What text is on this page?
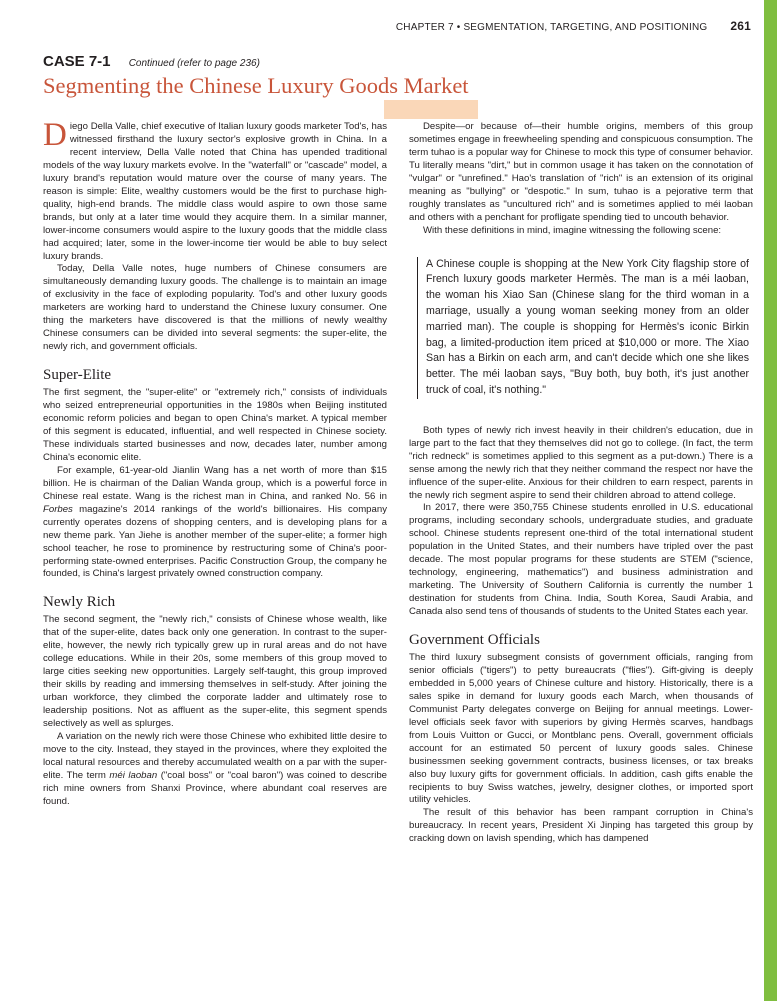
CHAPTER 7 • SEGMENTATION, TARGETING, AND POSITIONING 261
CASE 7-1 Continued (refer to page 236)
Segmenting the Chinese Luxury Goods Market

Diego Della Valle, chief executive of Italian luxury goods marketer Tod's, has witnessed firsthand the luxury sector's explosive growth in China. In a recent interview, Della Valle noted that China has upended traditional models of the way luxury markets evolve. In the "waterfall" or "cascade" model, a luxury brand's reputation would mature over the course of many years. The reason is simple: Elite, wealthy customers would be the first to purchase high-quality, high-end brands. The middle class would aspire to own those same brands, but only at a later time would they acquire them. In a similar manner, lower-income consumers would aspire to the luxury goods that the middle class had acquired; later, some in the lower-income tier would be able to buy select luxury brands.

Today, Della Valle notes, huge numbers of Chinese consumers are simultaneously demanding luxury goods. The challenge is to maintain an image of exclusivity in the face of exploding popularity. Tod's and other luxury goods marketers are working hard to understand the Chinese luxury consumer. One thing the marketers have discovered is that the millions of newly wealthy Chinese consumers can be divided into several segments: the super-elite, the newly rich, and government officials.

Super-Elite

The first segment, the "super-elite" or "extremely rich," consists of individuals who seized entrepreneurial opportunities in the 1980s when Beijing instituted economic reform policies and began to open China's market. A typical member of this segment is educated, influential, and well respected in Chinese society. These individuals started businesses and now, decades later, number among China's economic elite.

For example, 61-year-old Jianlin Wang has a net worth of more than $15 billion. He is chairman of the Dalian Wanda group, which is a powerful force in Chinese real estate. Wang is the richest man in China, and ranked No. 56 in Forbes magazine's 2014 rankings of the world's billionaires. His company currently operates dozens of shopping centers, and is developing plans for a new theme park. Yan Jiehe is another member of the super-elite; a former high school teacher, he rose to prominence by restructuring some of China's poor-performing state-owned enterprises. Pacific Construction Group, the company he founded, is China's largest privately owned construction company.

Newly Rich

The second segment, the "newly rich," consists of Chinese whose wealth, like that of the super-elite, dates back only one generation. In contrast to the super-elite, however, the newly rich typically grew up in rural areas and do not have college educations. While in their 20s, some members of this group moved to large cities seeking new opportunities. Largely self-taught, this group improved their skills by reading and immersing themselves in self-study. After joining the urban workforce, they climbed the corporate ladder and ultimately rose to leadership positions. Not as affluent as the super-elite, this segment spends selectively as well as splurges.

A variation on the newly rich were those Chinese who exhibited little desire to move to the city. Instead, they stayed in the provinces, where they exploited the local natural resources and thereby accumulated wealth on a par with the super-elite. The term méi laoban ("coal boss" or "coal baron") was coined to describe rich mine owners from Shanxi Province, where abundant coal reserves are found.

Despite—or because of—their humble origins, members of this group sometimes engage in freewheeling spending and conspicuous consumption. The term tuhao is a popular way for Chinese to mock this type of consumer behavior. Tu literally means "dirt," but in common usage it has taken on the connotation of "vulgar" or "unrefined." Hao's translation of "rich" is an extension of its original meaning as "bullying" or "despotic." In sum, tuhao is a pejorative term that roughly translates as "uncultured rich" and is sometimes applied to méi laoban and others with a penchant for profligate spending tied to uncouth behavior.

With these definitions in mind, imagine witnessing the following scene:

A Chinese couple is shopping at the New York City flagship store of French luxury goods marketer Hermès. The man is a méi laoban, the woman his Xiao San (Chinese slang for the third woman in a marriage, usually a young woman seeking money from an older married man). The couple is shopping for Hermès's iconic Birkin bag, a limited-production item priced at $10,000 or more. The Xiao San has a Birkin on each arm, and can't decide which one she likes better. The méi laoban says, "Buy both, buy both, it's just another truck of coal, it's nothing."

Both types of newly rich invest heavily in their children's education, due in large part to the fact that they themselves did not go to college. (In fact, the term "rich redneck" is sometimes applied to this segment as a put-down.) There is a sense among the newly rich that they neither command the respect nor have the influence of the super-elite. Anxious for their children to earn respect, parents in the newly rich segment aspire to send their children abroad to attend college.

In 2017, there were 350,755 Chinese students enrolled in U.S. educational programs, including secondary schools, undergraduate studies, and graduate school. Chinese students represent one-third of the total international student population in the United States, and their numbers have tripled over the past decade. The most popular programs for these students are STEM ("science, technology, engineering, mathematics") and business administration and marketing. The University of Southern California is currently the number 1 destination for students from China. India, South Korea, Saudi Arabia, and Canada also send tens of thousands of students to the United States each year.

Government Officials

The third luxury subsegment consists of government officials, ranging from senior officials ("tigers") to petty bureaucrats ("flies"). Gift-giving is deeply embedded in 5,000 years of Chinese culture and history. Historically, there is a sales spike in demand for luxury goods each March, when thousands of Communist Party delegates converge on Beijing for annual meetings. Lower-level officials seek favor with superiors by giving Hermès scarves, handbags from Louis Vuitton or Gucci, or Montblanc pens. Overall, government officials account for an estimated 50 percent of luxury goods sales. Chinese businessmen seeking government contracts, business licenses, or tax breaks also buy luxury gifts for government officials. In addition, cash gifts enable the recipients to buy Swiss watches, jewelry, designer clothes, or imported sport utility vehicles.

The result of this behavior has been rampant corruption in China's bureaucracy. In recent years, President Xi Jinping has targeted this group by cracking down on lavish spending, which has dampened
